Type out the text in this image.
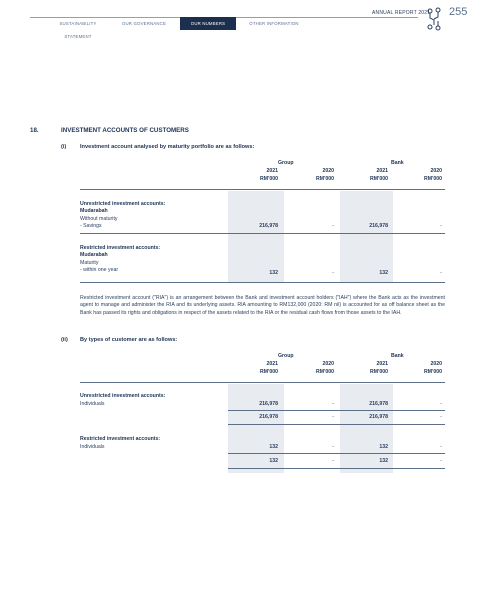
SUSTAINABILITY STATEMENT
OUR GOVERNANCE	OUR NUMBERS	OTHER INFORMATION
ANNUAL REPORT 2021 255
18.	INVESTMENT ACCOUNTS OF CUSTOMERS
(i) Investment account analysed by maturity portfolio are as follows:
Group	Bank
2021	2020	2021	2020
RM'000	RM'000	RM'000	RM'000
Unrestricted investment accounts:
Mudarabah
Without maturity
- Savings	216,978	-	216,978	-
Restricted investment accounts:
Mudarabah
Maturity
- within one year	132	-	132	-
Restricted investment account ("RIA") is an arrangement between the Bank and investment account holders ("IAH") where the Bank acts as the investment agent to manage and administer the RIA and its underlying assets. RIA amounting to RM132,000 (2020: RM nil) is accounted for as off balance sheet as the Bank has passed its rights and obligations in respect of the assets related to the RIA or the residual cash flows from those assets to the IAH.
(ii) By types of customer are as follows:
Group	Bank
2021	2020	2021	2020
RM'000	RM'000	RM'000	RM'000
Unrestricted investment accounts:
Individuals	216,978	-	216,978	-
216,978	-	216,978	-
Restricted investment accounts:
Individuals	132	-	132	-
132	-	132	-
